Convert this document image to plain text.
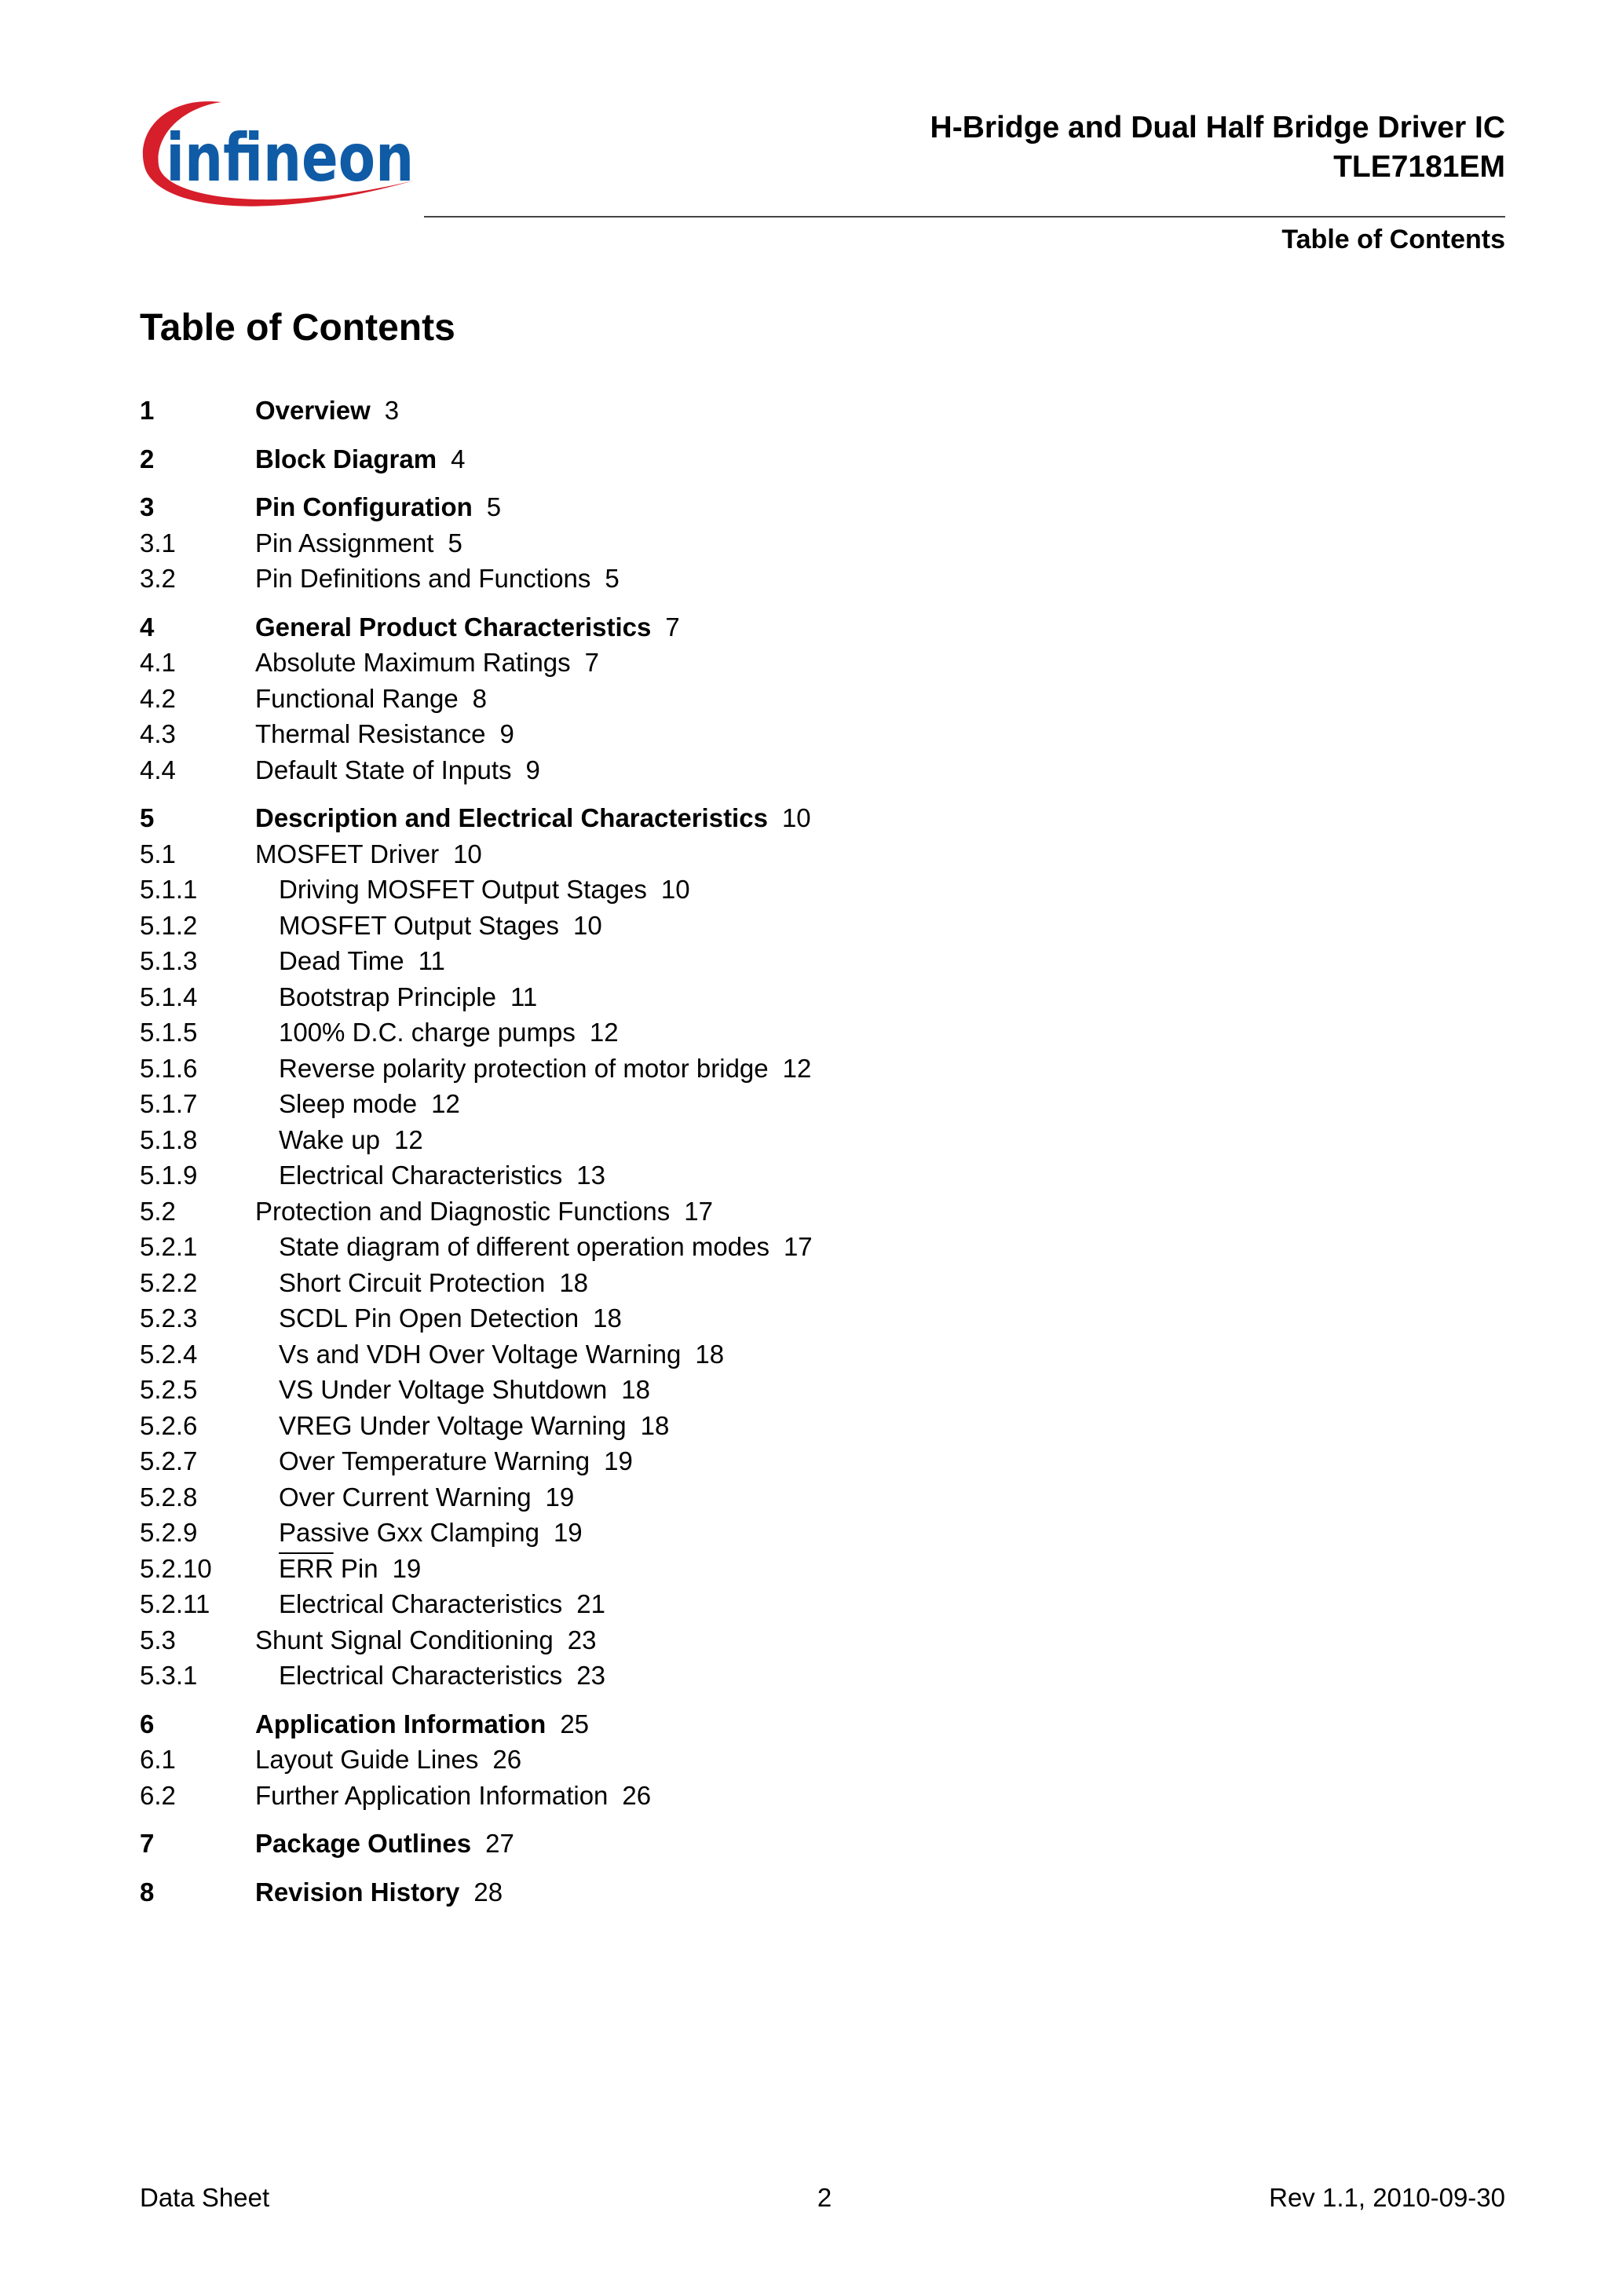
infineon	H-Bridge and Dual Half Bridge Driver IC
TLE7181EM
Table of Contents
Table of Contents
1	Overview 3
2	Block Diagram 4
3	Pin Configuration 5
3.1	Pin Assignment 5
3.2	Pin Definitions and Functions 5
4	General Product Characteristics 7
4.1	Absolute Maximum Ratings 7
4.2	Functional Range 8
4.3	Thermal Resistance 9
4.4	Default State of Inputs 9
5	Description and Electrical Characteristics 10
5.1	MOSFET Driver 10
5.1.1	Driving MOSFET Output Stages 10
5.1.2	MOSFET Output Stages 10
5.1.3	Dead Time 11
5.1.4	Bootstrap Principle 11
5.1.5	100% D.C. charge pumps 12
5.1.6	Reverse polarity protection of motor bridge 12
5.1.7	Sleep mode 12
5.1.8	Wake up 12
5.1.9	Electrical Characteristics 13
5.2	Protection and Diagnostic Functions 17
5.2.1	State diagram of different operation modes 17
5.2.2	Short Circuit Protection 18
5.2.3	SCDL Pin Open Detection 18
5.2.4	Vs and VDH Over Voltage Warning 18
5.2.5	VS Under Voltage Shutdown 18
5.2.6	VREG Under Voltage Warning 18
5.2.7	Over Temperature Warning 19
5.2.8	Over Current Warning 19
5.2.9	Passive Gxx Clamping 19
5.2.10	$\overline{ERR}$ Pin 19
5.2.11	Electrical Characteristics 21
5.3	Shunt Signal Conditioning 23
5.3.1	Electrical Characteristics 23
6	Application Information 25
6.1	Layout Guide Lines 26
6.2	Further Application Information 26
7	Package Outlines 27
8	Revision History 28
Data Sheet	2	Rev 1.1, 2010-09-30
